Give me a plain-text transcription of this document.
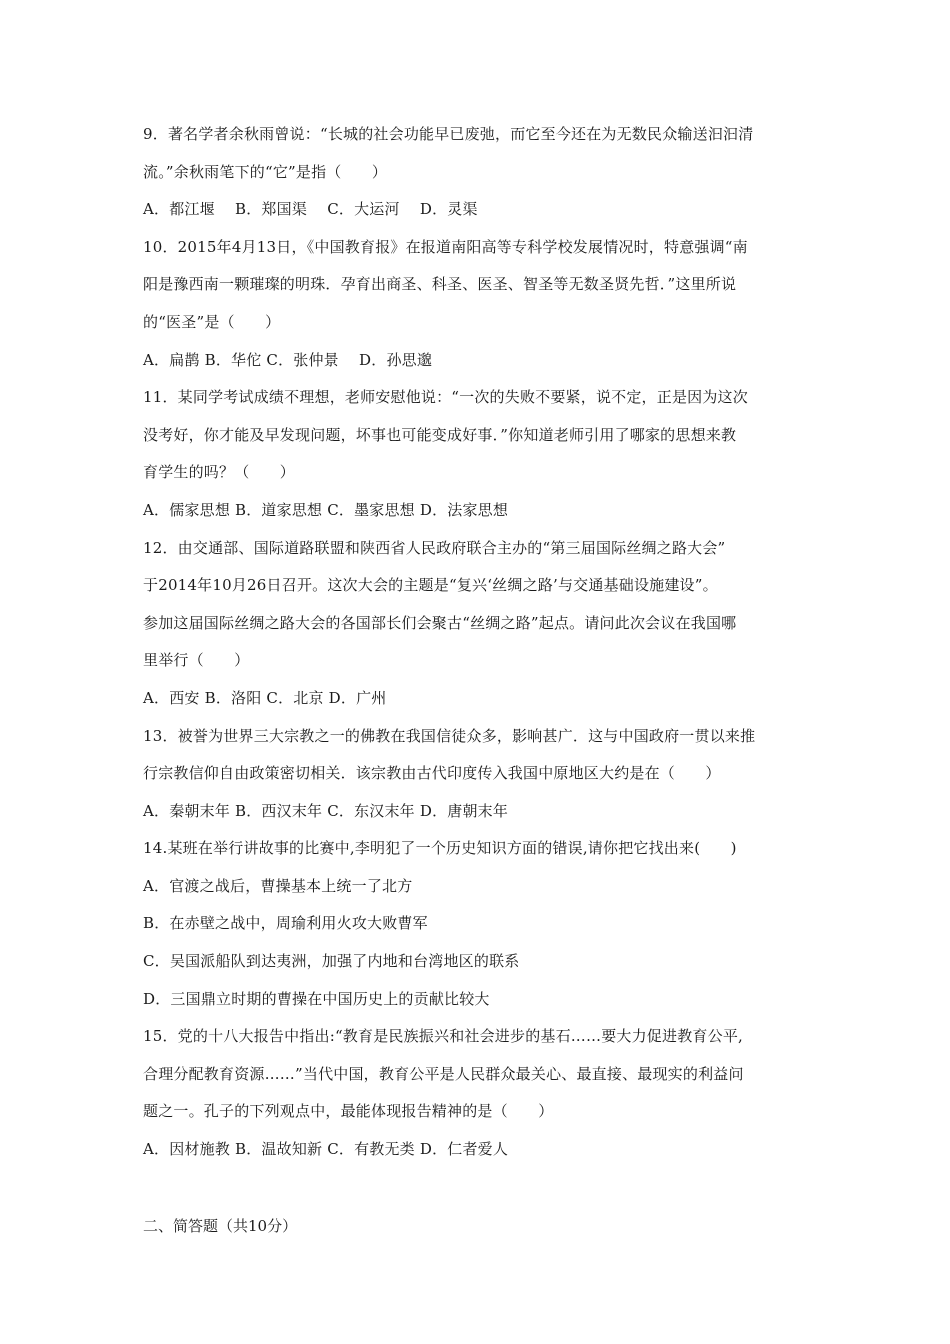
9．著名学者余秋雨曾说：“长城的社会功能早已废弛，而它至今还在为无数民众输送汩汩清
流。”余秋雨笔下的“它”是指（　　）
A．都江堰　 B．郑国渠　 C．大运河　 D．灵渠
10．2015年4月13日，《中国教育报》在报道南阳高等专科学校发展情况时，特意强调“南
阳是豫西南一颗璀璨的明珠．孕育出商圣、科圣、医圣、智圣等无数圣贤先哲．”这里所说
的“医圣”是（　　）
A．扁鹊 B．华佗 C．张仲景　 D．孙思邈
11．某同学考试成绩不理想，老师安慰他说：“一次的失败不要紧，说不定，正是因为这次
没考好，你才能及早发现问题，坏事也可能变成好事．”你知道老师引用了哪家的思想来教
育学生的吗？（　　）
A．儒家思想 B．道家思想 C．墨家思想 D．法家思想
12．由交通部、国际道路联盟和陕西省人民政府联合主办的“第三届国际丝绸之路大会”
于2014年10月26日召开。这次大会的主题是“复兴‘丝绸之路’与交通基础设施建设”。
参加这届国际丝绸之路大会的各国部长们会聚古“丝绸之路”起点。请问此次会议在我国哪
里举行（　　）
A．西安 B．洛阳 C．北京 D．广州
13．被誉为世界三大宗教之一的佛教在我国信徒众多，影响甚广．这与中国政府一贯以来推
行宗教信仰自由政策密切相关．该宗教由古代印度传入我国中原地区大约是在（　　）
A．秦朝末年 B．西汉末年 C．东汉末年 D．唐朝末年
14.某班在举行讲故事的比赛中,李明犯了一个历史知识方面的错误,请你把它找出来(　　)
A．官渡之战后，曹操基本上统一了北方
B．在赤壁之战中，周瑜利用火攻大败曹军
C．吴国派船队到达夷洲，加强了内地和台湾地区的联系
D．三国鼎立时期的曹操在中国历史上的贡献比较大
15．党的十八大报告中指出:“教育是民族振兴和社会进步的基石……要大力促进教育公平,
合理分配教育资源……”当代中国，教育公平是人民群众最关心、最直接、最现实的利益问
题之一。孔子的下列观点中，最能体现报告精神的是（　　）
A．因材施教 B．温故知新 C．有教无类 D．仁者爱人
二、简答题（共10分）
